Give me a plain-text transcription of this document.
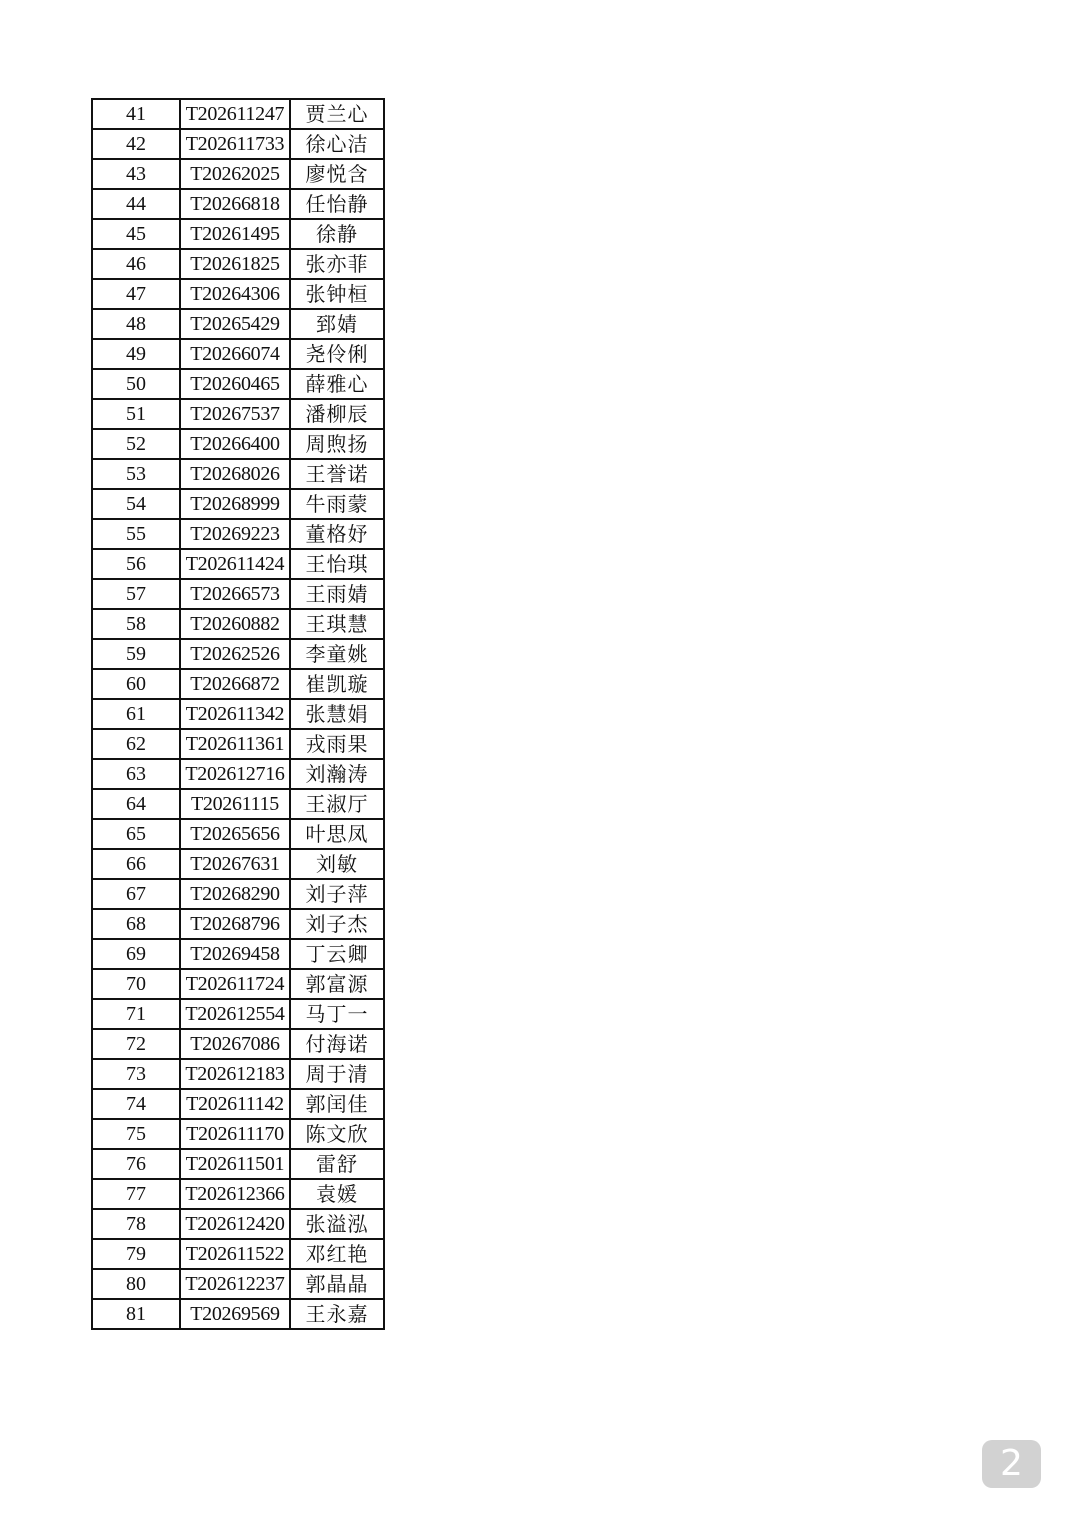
41	T202611247	贾兰心
42	T202611733	徐心洁
43	T20262025	廖悦含
44	T20266818	任怡静
45	T20261495	徐静
46	T20261825	张亦菲
47	T20264306	张钟桓
48	T20265429	郅婧
49	T20266074	尧伶俐
50	T20260465	薛雅心
51	T20267537	潘柳辰
52	T20266400	周煦扬
53	T20268026	王誉诺
54	T20268999	牛雨蒙
55	T20269223	董格妤
56	T202611424	王怡琪
57	T20266573	王雨婧
58	T20260882	王琪慧
59	T20262526	李童姚
60	T20266872	崔凯璇
61	T202611342	张慧娟
62	T202611361	戎雨果
63	T202612716	刘瀚涛
64	T20261115	王淑厅
65	T20265656	叶思凤
66	T20267631	刘敏
67	T20268290	刘子萍
68	T20268796	刘子杰
69	T20269458	丁云卿
70	T202611724	郭富源
71	T202612554	马丁一
72	T20267086	付海诺
73	T202612183	周于清
74	T202611142	郭闰佳
75	T202611170	陈文欣
76	T202611501	雷舒
77	T202612366	袁媛
78	T202612420	张溢泓
79	T202611522	邓红艳
80	T202612237	郭晶晶
81	T20269569	王永嘉
2
